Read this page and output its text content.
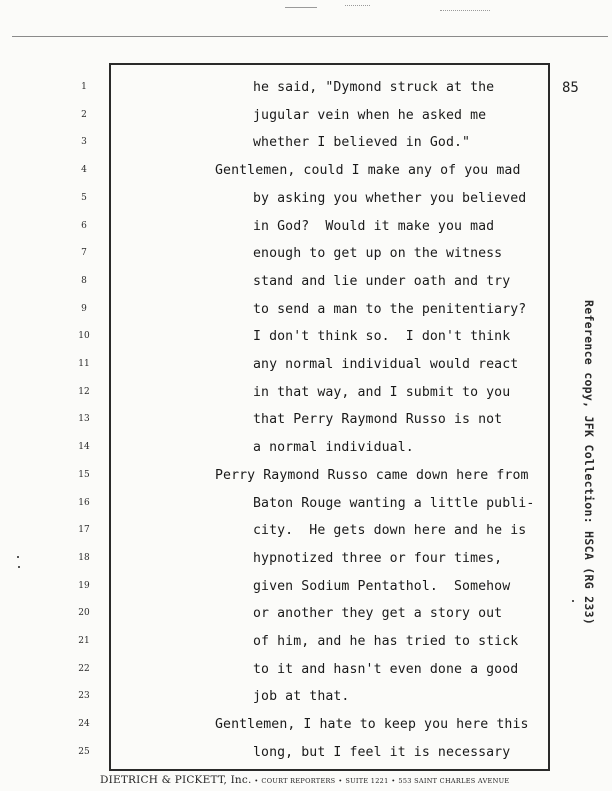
85
1	he said, "Dymond struck at the
2	jugular vein when he asked me
3	whether I believed in God."
4	Gentlemen, could I make any of you mad
5	by asking you whether you believed
6	in God?  Would it make you mad
7	enough to get up on the witness
8	stand and lie under oath and try
9	to send a man to the penitentiary?
10	I don't think so.  I don't think
11	any normal individual would react
12	in that way, and I submit to you
13	that Perry Raymond Russo is not
14	a normal individual.
15	Perry Raymond Russo came down here from
16	Baton Rouge wanting a little publi-
17	city.  He gets down here and he is
18	hypnotized three or four times,
19	given Sodium Pentathol.  Somehow
20	or another they get a story out
21	of him, and he has tried to stick
22	to it and hasn't even done a good
23	job at that.
24	Gentlemen, I hate to keep you here this
25	long, but I feel it is necessary
Reference copy, JFK Collection: HSCA (RG 233)
DIETRICH & PICKETT, Inc. • COURT REPORTERS • SUITE 1221 • 553 SAINT CHARLES AVENUE
